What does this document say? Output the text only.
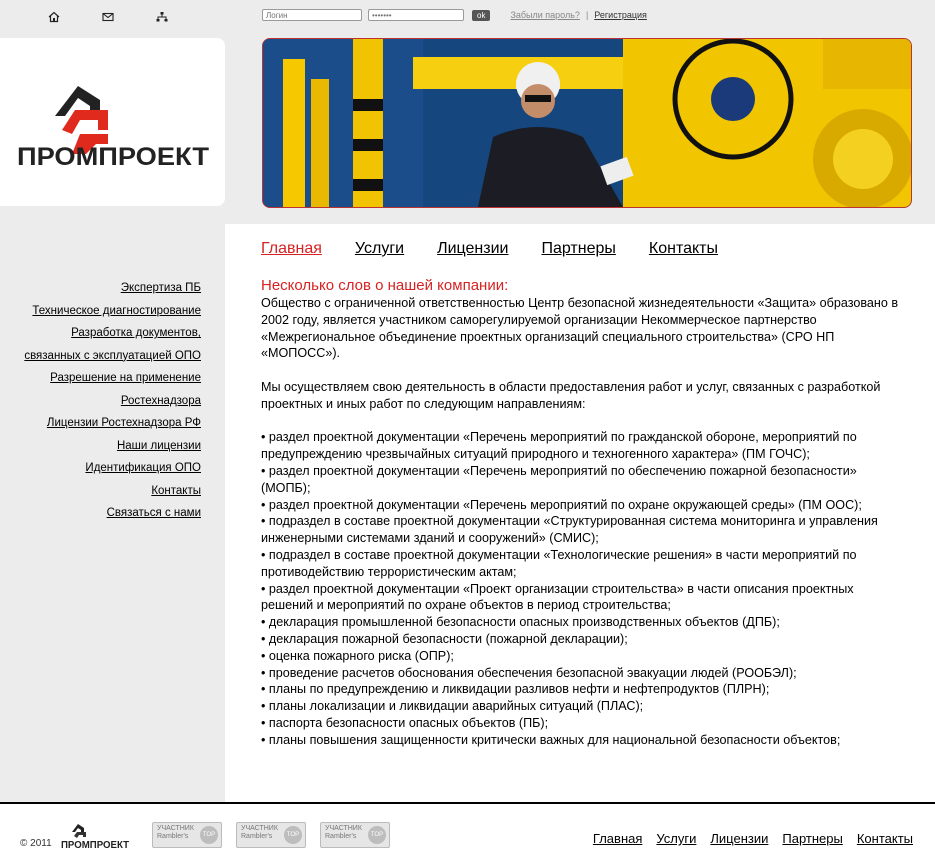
Логин
•••••••
ok	Забыли пароль? | Регистрация
ПРОМПРОЕКТ
Экспертиза ПБ
Техническое диагностирование
Разработка документов,
связанных с эксплуатацией ОПО
Разрешение на применение
Ростехнадзора
Лицензии Ростехнадзора РФ
Наши лицензии
Идентификация ОПО
Контакты
Связаться с нами
Главная Услуги Лицензии Партнеры Контакты
Несколько слов о нашей компании:

Общество с ограниченной ответственностью Центр безопасной жизнедеятельности «Защита» образовано в 2002 году, является участником саморегулируемой организации Некоммерческое партнерство «Межрегиональное объединение проектных организаций специального строительства» (СРО НП «МОПОСС»).

Мы осуществляем свою деятельность в области предоставления работ и услуг, связанных с разработкой проектных и иных работ по следующим направлениям:

• раздел проектной документации «Перечень мероприятий по гражданской обороне, мероприятий по предупреждению чрезвычайных ситуаций природного и техногенного характера» (ПМ ГОЧС);
• раздел проектной документации «Перечень мероприятий по обеспечению пожарной безопасности» (МОПБ);
• раздел проектной документации «Перечень мероприятий по охране окружающей среды» (ПМ ООС);
• подраздел в составе проектной документации «Структурированная система мониторинга и управления инженерными системами зданий и сооружений» (СМИС);
• подраздел в составе проектной документации «Технологические решения» в части мероприятий по противодействию террористическим актам;
• раздел проектной документации «Проект организации строительства» в части описания проектных решений и мероприятий по охране объектов в период строительства;
• декларация промышленной безопасности опасных производственных объектов (ДПБ);
• декларация пожарной безопасности (пожарной декларации);
• оценка пожарного риска (ОПР);
• проведение расчетов обоснования обеспечения безопасной эвакуации людей (РООБЭЛ);
• планы по предупреждению и ликвидации разливов нефти и нефтепродуктов (ПЛРН);
• планы локализации и ликвидации аварийных ситуаций (ПЛАС);
• паспорта безопасности опасных объектов (ПБ);
• планы повышения защищенности критически важных для национальной безопасности объектов;
© 2011 ПРОМПРОЕКТ
УЧАСТНИК
Rambler's	TOP 100
УЧАСТНИК
Rambler's	TOP 100
УЧАСТНИК
Rambler's	TOP 100
Главная Услуги Лицензии Партнеры Контакты
